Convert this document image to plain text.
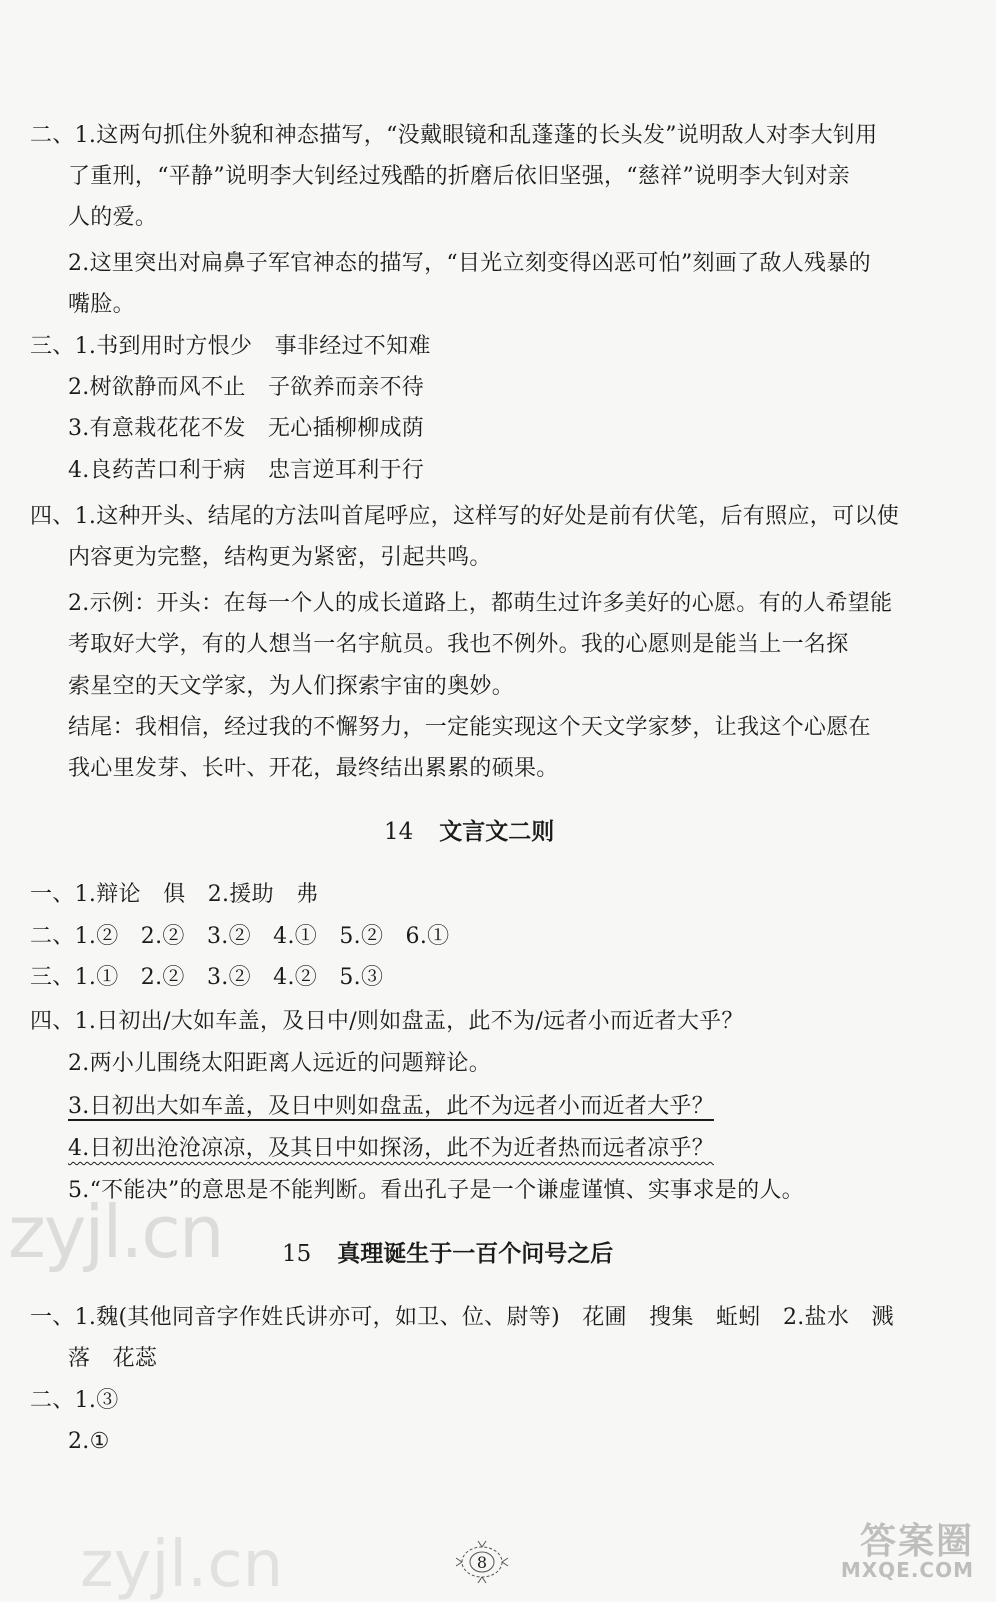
二、1.这两句抓住外貌和神态描写，“没戴眼镜和乱蓬蓬的长头发”说明敌人对李大钊用
了重刑，“平静”说明李大钊经过残酷的折磨后依旧坚强，“慈祥”说明李大钊对亲
人的爱。
2.这里突出对扁鼻子军官神态的描写，“目光立刻变得凶恶可怕”刻画了敌人残暴的
嘴脸。
三、1.书到用时方恨少　事非经过不知难
2.树欲静而风不止　子欲养而亲不待
3.有意栽花花不发　无心插柳柳成荫
4.良药苦口利于病　忠言逆耳利于行
四、1.这种开头、结尾的方法叫首尾呼应，这样写的好处是前有伏笔，后有照应，可以使
内容更为完整，结构更为紧密，引起共鸣。
2.示例：开头：在每一个人的成长道路上，都萌生过许多美好的心愿。有的人希望能
考取好大学，有的人想当一名宇航员。我也不例外。我的心愿则是能当上一名探
索星空的天文学家，为人们探索宇宙的奥妙。
结尾：我相信，经过我的不懈努力，一定能实现这个天文学家梦，让我这个心愿在
我心里发芽、长叶、开花，最终结出累累的硕果。
14 文言文二则
一、1.辩论　俱　2.援助　弗
二、1.②　2.②　3.②　4.①　5.②　6.①
三、1.①　2.②　3.②　4.②　5.③
四、1.日初出/大如车盖，及日中/则如盘盂，此不为/远者小而近者大乎？
2.两小儿围绕太阳距离人远近的问题辩论。
3.日初出大如车盖，及日中则如盘盂，此不为远者小而近者大乎？
4.日初出沧沧凉凉，及其日中如探汤，此不为近者热而远者凉乎？
5.“不能决”的意思是不能判断。看出孔子是一个谦虚谨慎、实事求是的人。
15 真理诞生于一百个问号之后
一、1.魏(其他同音字作姓氏讲亦可，如卫、位、尉等)　花圃　搜集　蚯蚓　2.盐水　溅
落　花蕊
二、1.③
2.①
zyjl.cn
zyjl.cn	8	答案圈
MXQE.COM
